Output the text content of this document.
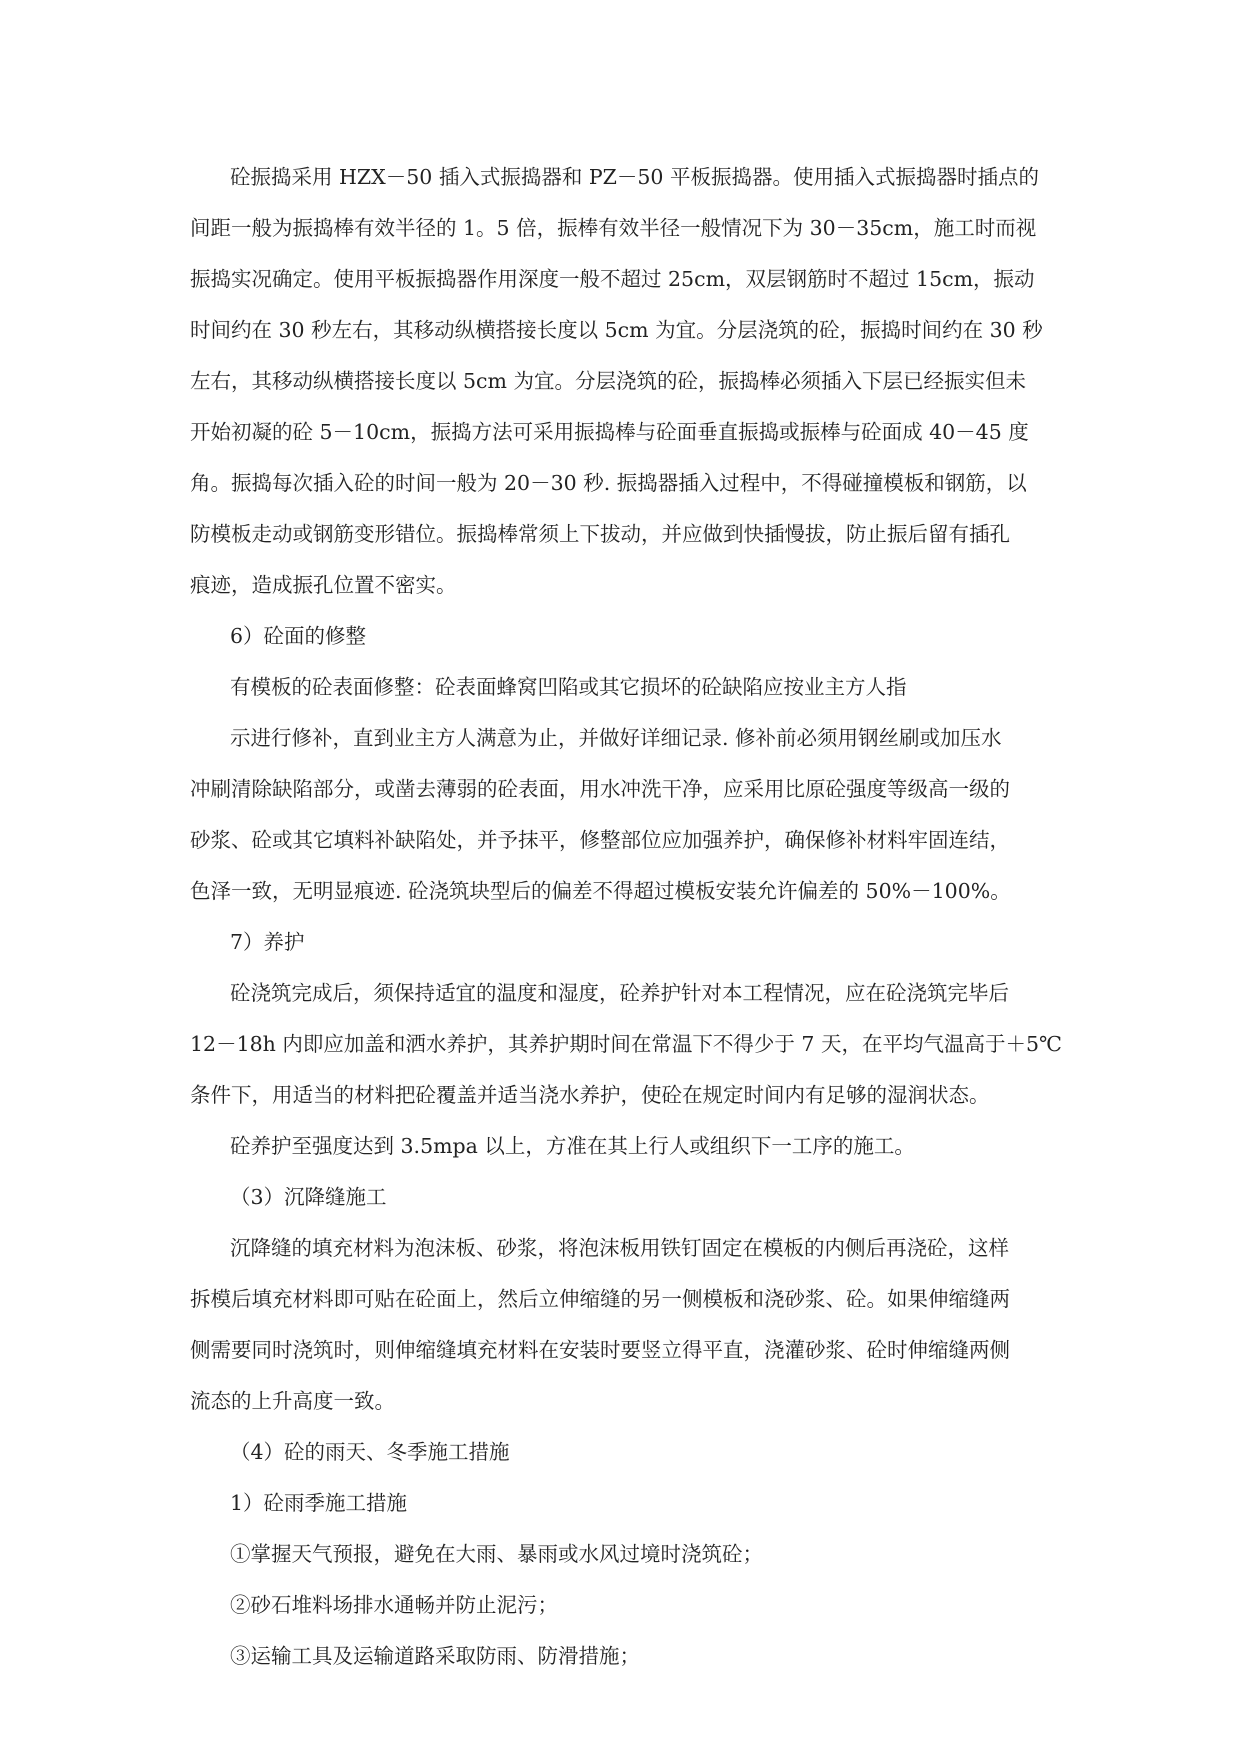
砼振捣采用 HZX－50 插入式振捣器和 PZ－50 平板振捣器。使用插入式振捣器时插点的
间距一般为振捣棒有效半径的 1。5 倍，振棒有效半径一般情况下为 30－35cm，施工时而视
振捣实况确定。使用平板振捣器作用深度一般不超过 25cm，双层钢筋时不超过 15cm，振动
时间约在 30 秒左右，其移动纵横搭接长度以 5cm 为宜。分层浇筑的砼，振捣时间约在 30 秒
左右，其移动纵横搭接长度以 5cm 为宜。分层浇筑的砼，振捣棒必须插入下层已经振实但未
开始初凝的砼 5－10cm，振捣方法可采用振捣棒与砼面垂直振捣或振棒与砼面成 40－45 度
角。振捣每次插入砼的时间一般为 20－30 秒. 振捣器插入过程中，不得碰撞模板和钢筋，以
防模板走动或钢筋变形错位。振捣棒常须上下拔动，并应做到快插慢拔，防止振后留有插孔
痕迹，造成振孔位置不密实。
6）砼面的修整
有模板的砼表面修整：砼表面蜂窝凹陷或其它损坏的砼缺陷应按业主方人指
示进行修补，直到业主方人满意为止，并做好详细记录. 修补前必须用钢丝刷或加压水
冲刷清除缺陷部分，或凿去薄弱的砼表面，用水冲洗干净，应采用比原砼强度等级高一级的
砂浆、砼或其它填料补缺陷处，并予抹平，修整部位应加强养护，确保修补材料牢固连结，
色泽一致，无明显痕迹. 砼浇筑块型后的偏差不得超过模板安装允许偏差的 50%－100%。
7）养护
砼浇筑完成后，须保持适宜的温度和湿度，砼养护针对本工程情况，应在砼浇筑完毕后
12－18h 内即应加盖和洒水养护，其养护期时间在常温下不得少于 7 天，在平均气温高于＋5℃
条件下，用适当的材料把砼覆盖并适当浇水养护，使砼在规定时间内有足够的湿润状态。
砼养护至强度达到 3.5mpa 以上，方准在其上行人或组织下一工序的施工。
（3）沉降缝施工
沉降缝的填充材料为泡沫板、砂浆，将泡沫板用铁钉固定在模板的内侧后再浇砼，这样
拆模后填充材料即可贴在砼面上，然后立伸缩缝的另一侧模板和浇砂浆、砼。如果伸缩缝两
侧需要同时浇筑时，则伸缩缝填充材料在安装时要竖立得平直，浇灌砂浆、砼时伸缩缝两侧
流态的上升高度一致。
（4）砼的雨天、冬季施工措施
1）砼雨季施工措施
①掌握天气预报，避免在大雨、暴雨或水风过境时浇筑砼；
②砂石堆料场排水通畅并防止泥污；
③运输工具及运输道路采取防雨、防滑措施；
